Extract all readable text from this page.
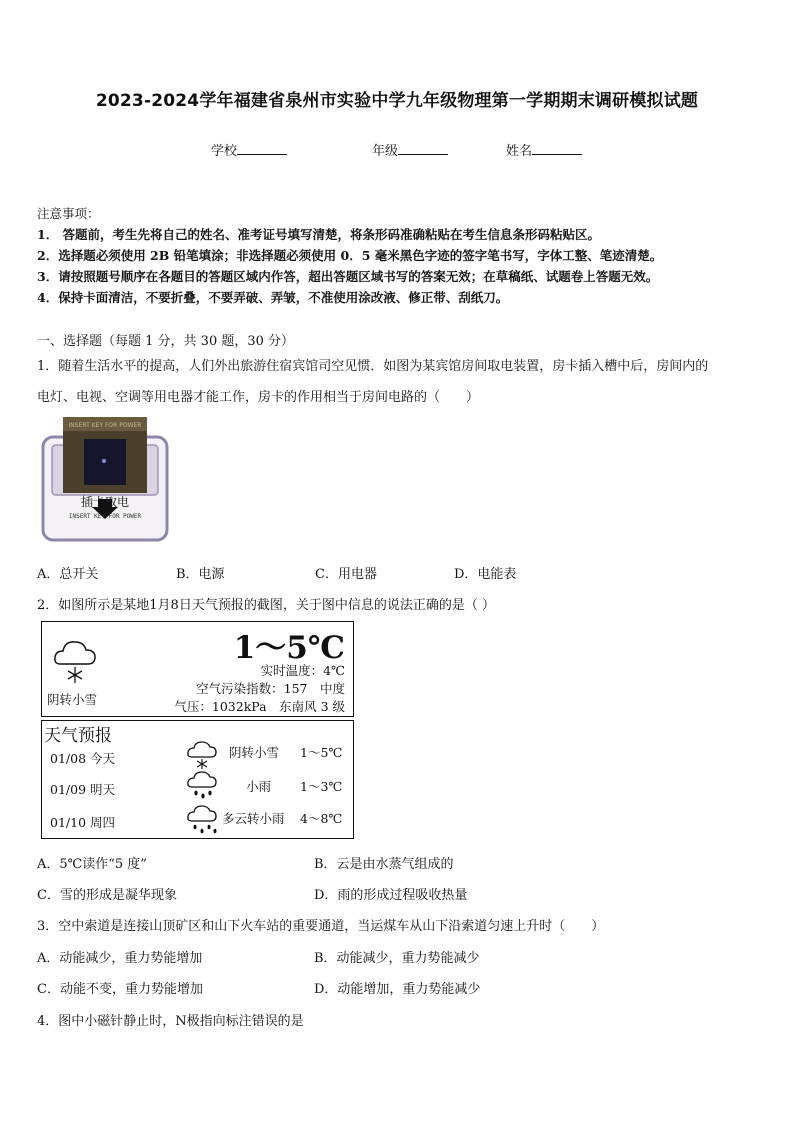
2023-2024学年福建省泉州市实验中学九年级物理第一学期期末调研模拟试题
学校	年级	姓名
注意事项：
1． 答题前，考生先将自己的姓名、准考证号填写清楚，将条形码准确粘贴在考生信息条形码粘贴区。
2．选择题必须使用 2B 铅笔填涂；非选择题必须使用 0．5 毫米黑色字迹的签字笔书写，字体工整、笔迹清楚。
3．请按照题号顺序在各题目的答题区域内作答，超出答题区域书写的答案无效；在草稿纸、试题卷上答题无效。
4．保持卡面清洁，不要折叠，不要弄破、弄皱，不准使用涂改液、修正带、刮纸刀。
一、选择题（每题 1 分，共 30 题，30 分）
1．随着生活水平的提高，人们外出旅游住宿宾馆司空见惯．如图为某宾馆房间取电装置，房卡插入槽中后，房间内的
电灯、电视、空调等用电器才能工作，房卡的作用相当于房间电路的（　　）
INSERT KEY FOR POWER
插卡取电
INSERT KEY FOR POWER
A．总开关	B．电源	C．用电器	D．电能表
2．如图所示是某地1月8日天气预报的截图，关于图中信息的说法正确的是（ ）
阴转小雪
1～5℃
实时温度：4℃
空气污染指数：157　中度
气压：1032kPa　东南风 3 级
天气预报
01/08 今天	阴转小雪 1～5℃
01/09 明天	小雨 1～3℃
01/10 周四	多云转小雨 4～8℃
A．5℃读作“5 度”	B．云是由水蒸气组成的
C．雪的形成是凝华现象	D．雨的形成过程吸收热量
3．空中索道是连接山顶矿区和山下火车站的重要通道，当运煤车从山下沿索道匀速上升时（　　）
A．动能减少，重力势能增加	B．动能减少，重力势能减少
C．动能不变，重力势能增加	D．动能增加，重力势能减少
4．图中小磁针静止时，N极指向标注错误的是
